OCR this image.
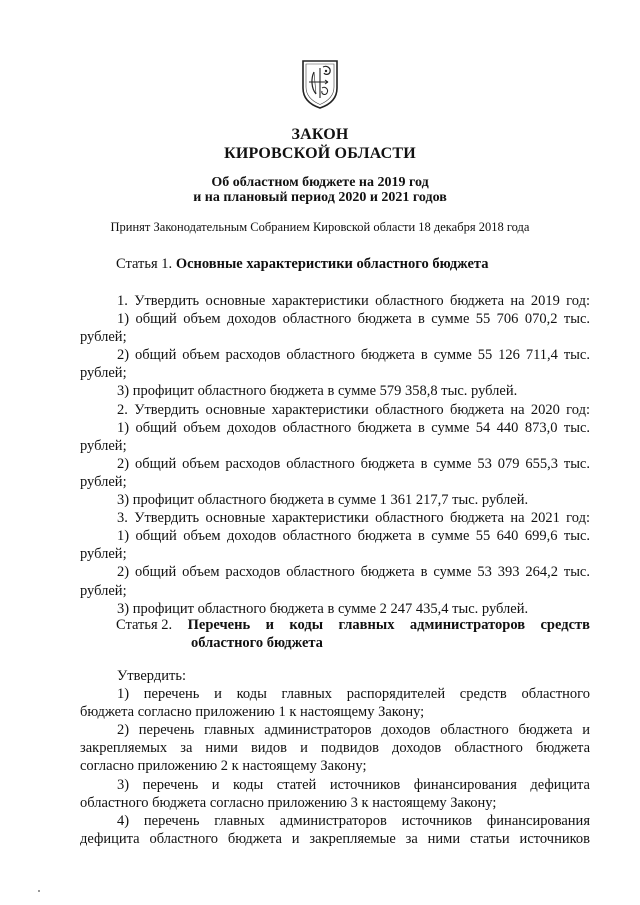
ЗАКОН
КИРОВСКОЙ ОБЛАСТИ
Об областном бюджете на 2019 год
и на плановый период 2020 и 2021 годов
Принят Законодательным Собранием Кировской области 18 декабря 2018 года
Статья 1. Основные характеристики областного бюджета
1. Утвердить основные характеристики областного бюджета на 2019 год:
1) общий объем доходов областного бюджета в сумме 55 706 070,2 тыс.
рублей;
2) общий объем расходов областного бюджета в сумме 55 126 711,4 тыс.
рублей;
3) профицит областного бюджета в сумме 579 358,8 тыс. рублей.
2. Утвердить основные характеристики областного бюджета на 2020 год:
1) общий объем доходов областного бюджета в сумме 54 440 873,0 тыс.
рублей;
2) общий объем расходов областного бюджета в сумме 53 079 655,3 тыс.
рублей;
3) профицит областного бюджета в сумме 1 361 217,7 тыс. рублей.
3. Утвердить основные характеристики областного бюджета на 2021 год:
1) общий объем доходов областного бюджета в сумме 55 640 699,6 тыс.
рублей;
2) общий объем расходов областного бюджета в сумме 53 393 264,2 тыс.
рублей;
3) профицит областного бюджета в сумме 2 247 435,4 тыс. рублей.
Статья 2. Перечень и коды главных администраторов средств
областного бюджета
Утвердить:
1) перечень и коды главных распорядителей средств областного
бюджета согласно приложению 1 к настоящему Закону;
2) перечень главных администраторов доходов областного бюджета и
закрепляемых за ними видов и подвидов доходов областного бюджета
согласно приложению 2 к настоящему Закону;
3) перечень и коды статей источников финансирования дефицита
областного бюджета согласно приложению 3 к настоящему Закону;
4) перечень главных администраторов источников финансирования
дефицита областного бюджета и закрепляемые за ними статьи источников
